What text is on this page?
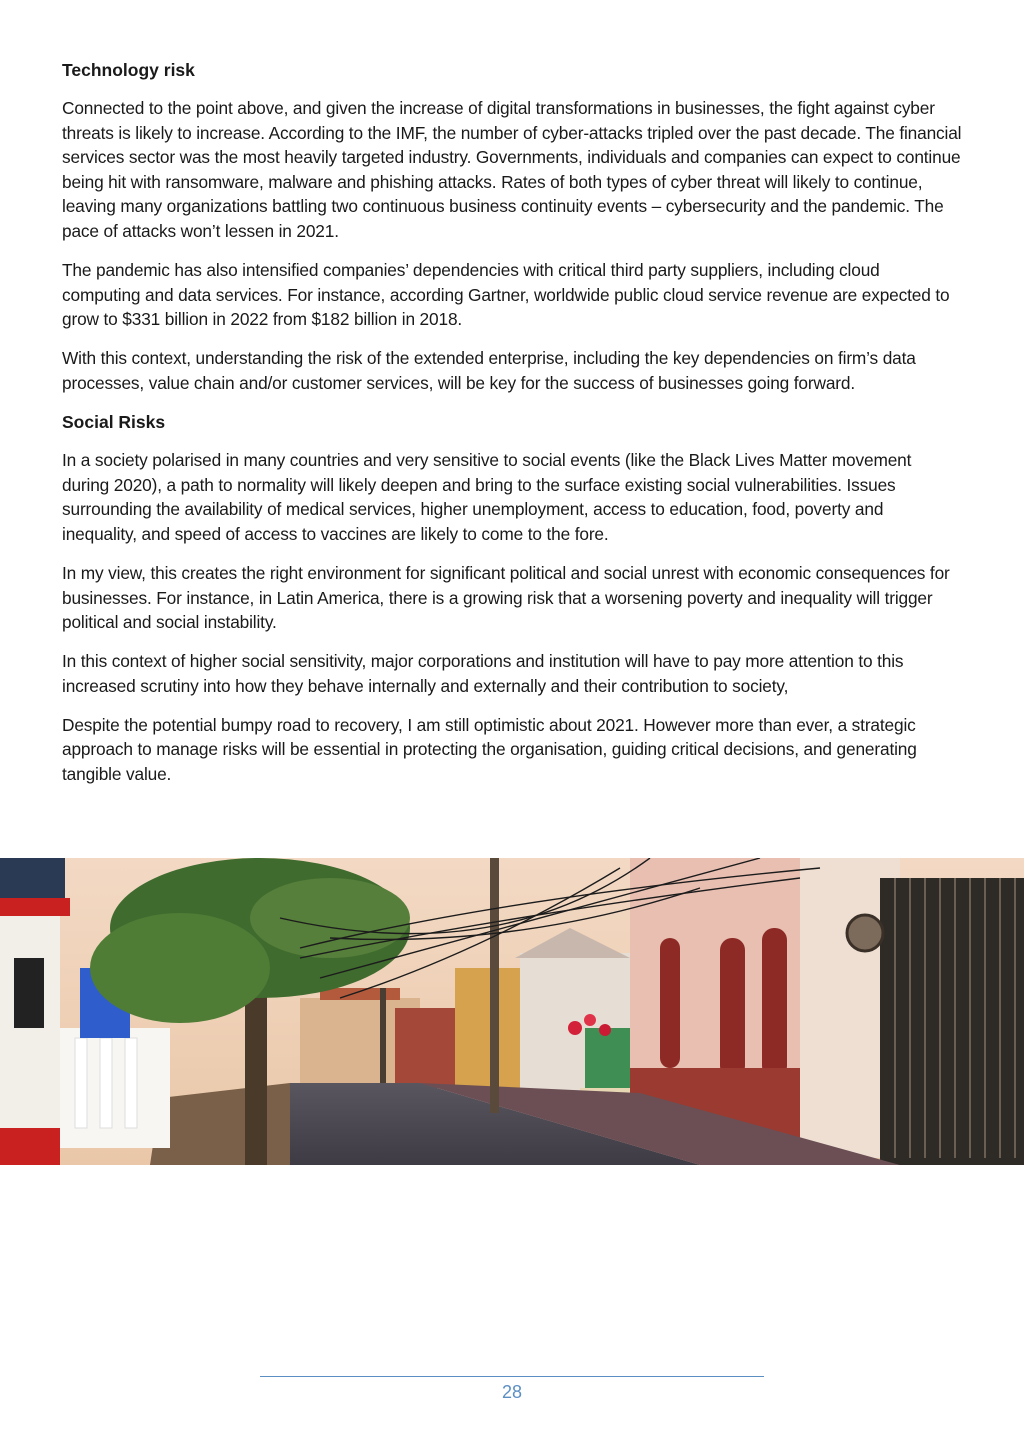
Technology risk

Connected to the point above, and given the increase of digital transformations in businesses, the fight against cyber threats is likely to increase. According to the IMF, the number of cyber-attacks tripled over the past decade. The financial services sector was the most heavily targeted industry. Governments, individuals and companies can expect to continue being hit with ransomware, malware and phishing attacks. Rates of both types of cyber threat will likely to continue, leaving many organizations battling two continuous business continuity events – cybersecurity and the pandemic. The pace of attacks won’t lessen in 2021.

The pandemic has also intensified companies’ dependencies with critical third party suppliers, including cloud computing and data services. For instance, according Gartner, worldwide public cloud service revenue are expected to grow to $331 billion in 2022 from $182 billion in 2018.

With this context, understanding the risk of the extended enterprise, including the key dependencies on firm’s data processes, value chain and/or customer services, will be key for the success of businesses going forward.

Social Risks

In a society polarised in many countries and very sensitive to social events (like the Black Lives Matter movement during 2020), a path to normality will likely deepen and bring to the surface existing social vulnerabilities. Issues surrounding the availability of medical services, higher unemployment, access to education, food, poverty and inequality, and speed of access to vaccines are likely to come to the fore.

In my view, this creates the right environment for significant political and social unrest with economic consequences for businesses. For instance, in Latin America, there is a growing risk that a worsening poverty and inequality will trigger political and social instability.

In this context of higher social sensitivity, major corporations and institution will have to pay more attention to this increased scrutiny into how they behave internally and externally and their contribution to society,

Despite the potential bumpy road to recovery, I am still optimistic about 2021. However more than ever, a strategic approach to manage risks will be essential in protecting the organisation, guiding critical decisions, and generating tangible value.

28
